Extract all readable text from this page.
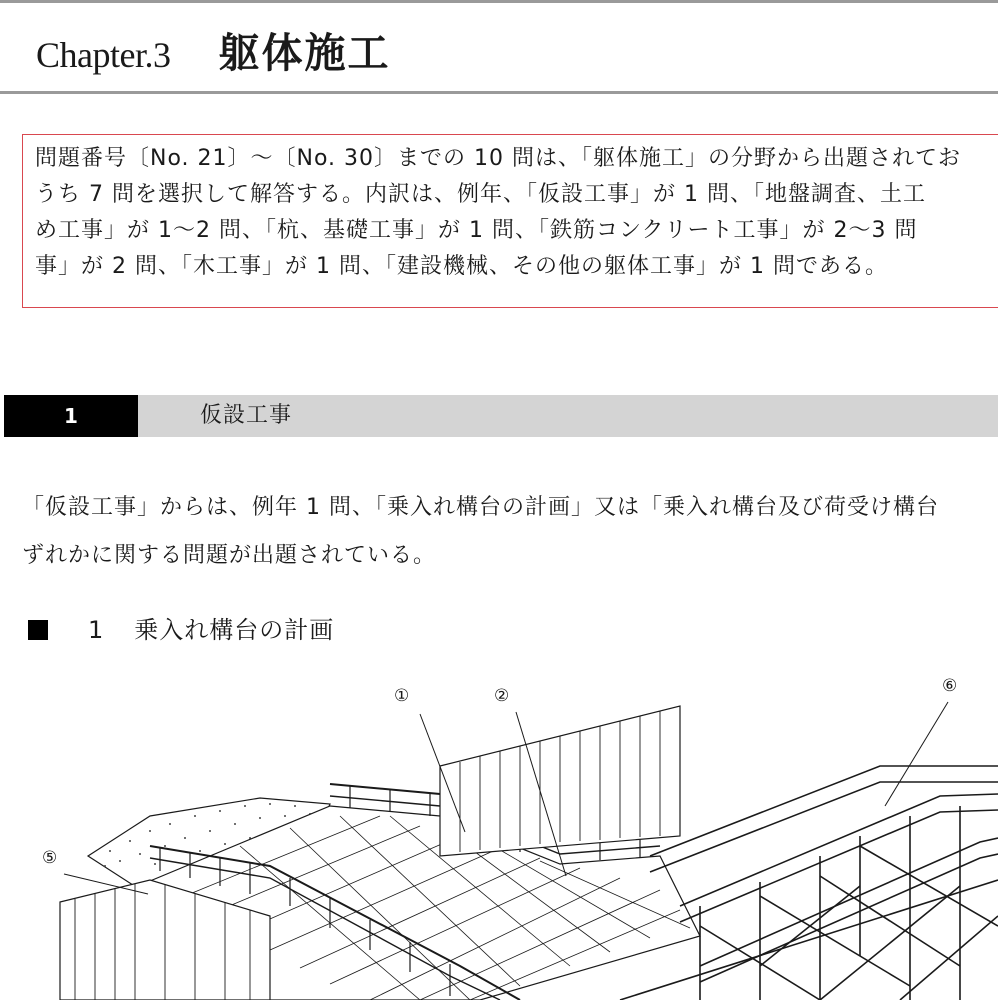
Chapter.3 躯体施工
問題番号〔No. 21〕～〔No. 30〕までの 10 問は、「躯体施工」の分野から出題されてお
うち 7 問を選択して解答する。内訳は、例年、「仮設工事」が 1 問、「地盤調査、土工
め工事」が 1～2 問、「杭、基礎工事」が 1 問、「鉄筋コンクリート工事」が 2～3 問
事」が 2 問、「木工事」が 1 問、「建設機械、その他の躯体工事」が 1 問である。
1	仮設工事
「仮設工事」からは、例年 1 問、「乗入れ構台の計画」又は「乗入れ構台及び荷受け構台
ずれかに関する問題が出題されている。
1 乗入れ構台の計画
①	②	⑥
⑤
